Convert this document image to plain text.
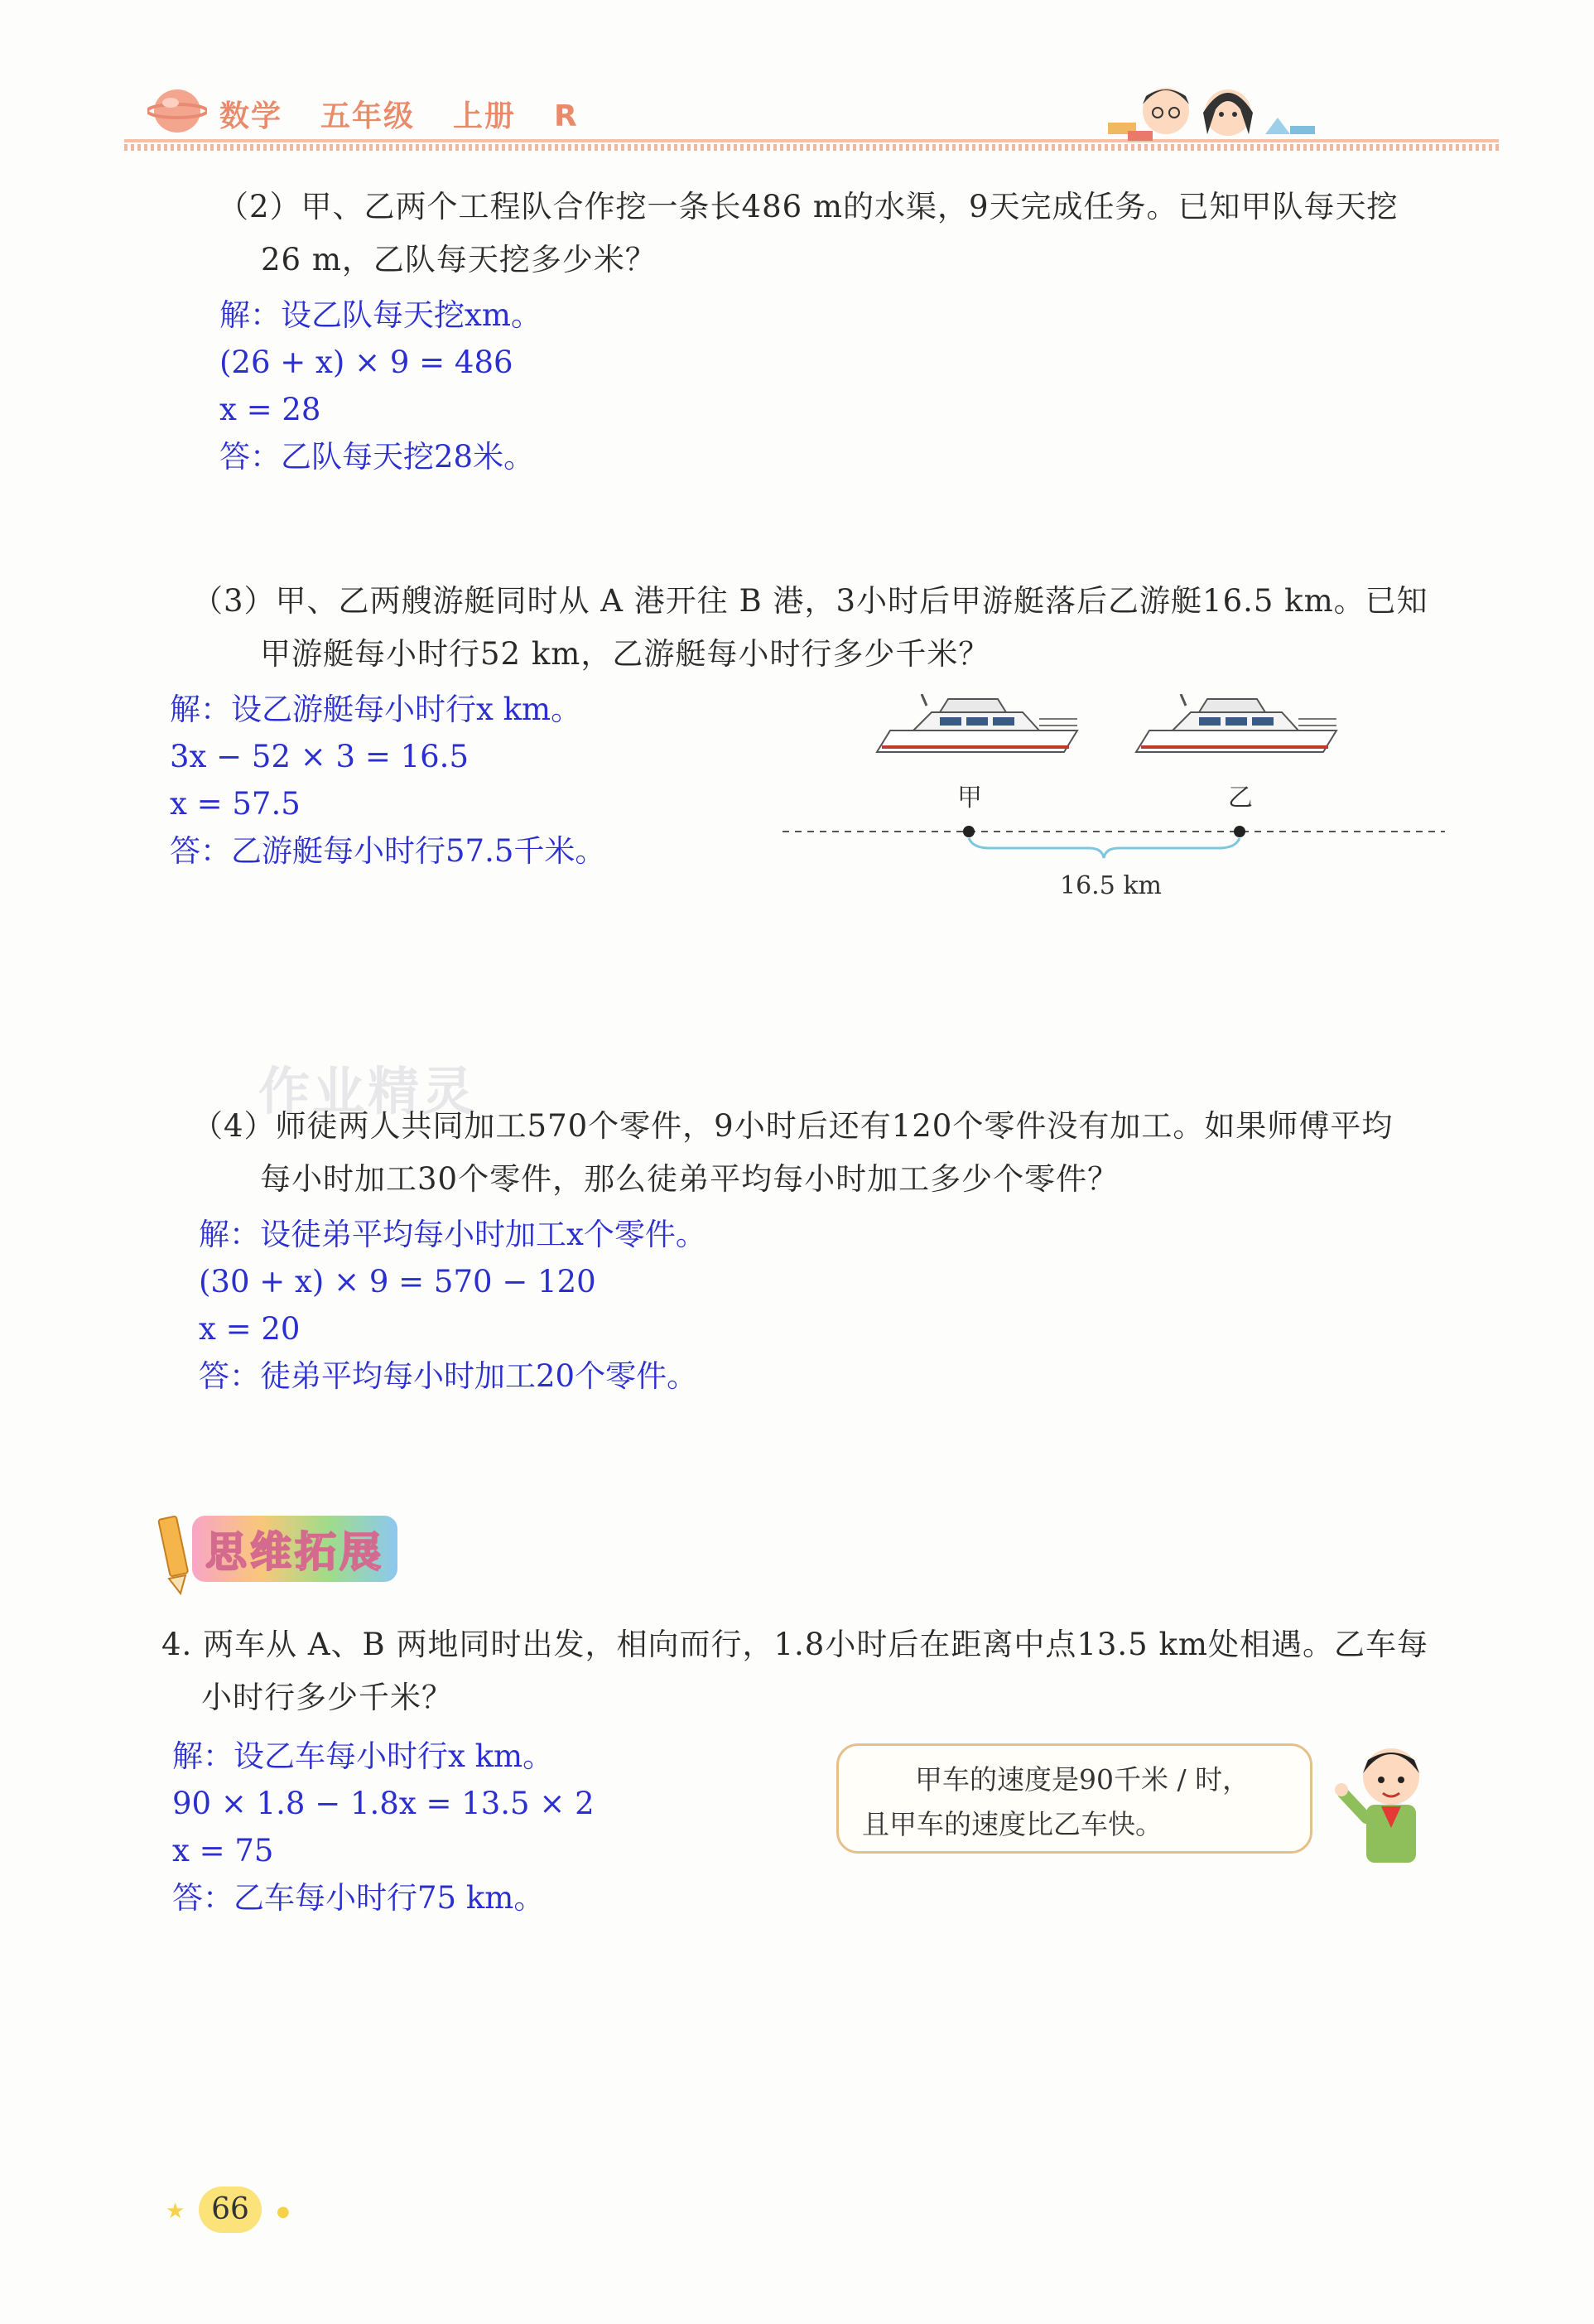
数学 五年级 上册 R
（2）甲、乙两个工程队合作挖一条长486 m的水渠，9天完成任务。已知甲队每天挖
26 m，乙队每天挖多少米？
解：设乙队每天挖xm。
(26 + x) × 9 = 486
x = 28
答：乙队每天挖28米。
（3）甲、乙两艘游艇同时从 A 港开往 B 港，3小时后甲游艇落后乙游艇16.5 km。已知
甲游艇每小时行52 km，乙游艇每小时行多少千米？
解：设乙游艇每小时行x km。
3x − 52 × 3 = 16.5
x = 57.5
答：乙游艇每小时行57.5千米。
甲	乙
16.5 km
作业精灵
（4）师徒两人共同加工570个零件，9小时后还有120个零件没有加工。如果师傅平均
每小时加工30个零件，那么徒弟平均每小时加工多少个零件？
解：设徒弟平均每小时加工x个零件。
(30 + x) × 9 = 570 − 120
x = 20
答：徒弟平均每小时加工20个零件。
思维拓展
4. 两车从 A、B 两地同时出发，相向而行，1.8小时后在距离中点13.5 km处相遇。乙车每
小时行多少千米？
解：设乙车每小时行x km。
90 × 1.8 − 1.8x = 13.5 × 2
x = 75
答：乙车每小时行75 km。
甲车的速度是90千米 / 时，
且甲车的速度比乙车快。
★ 66	●
